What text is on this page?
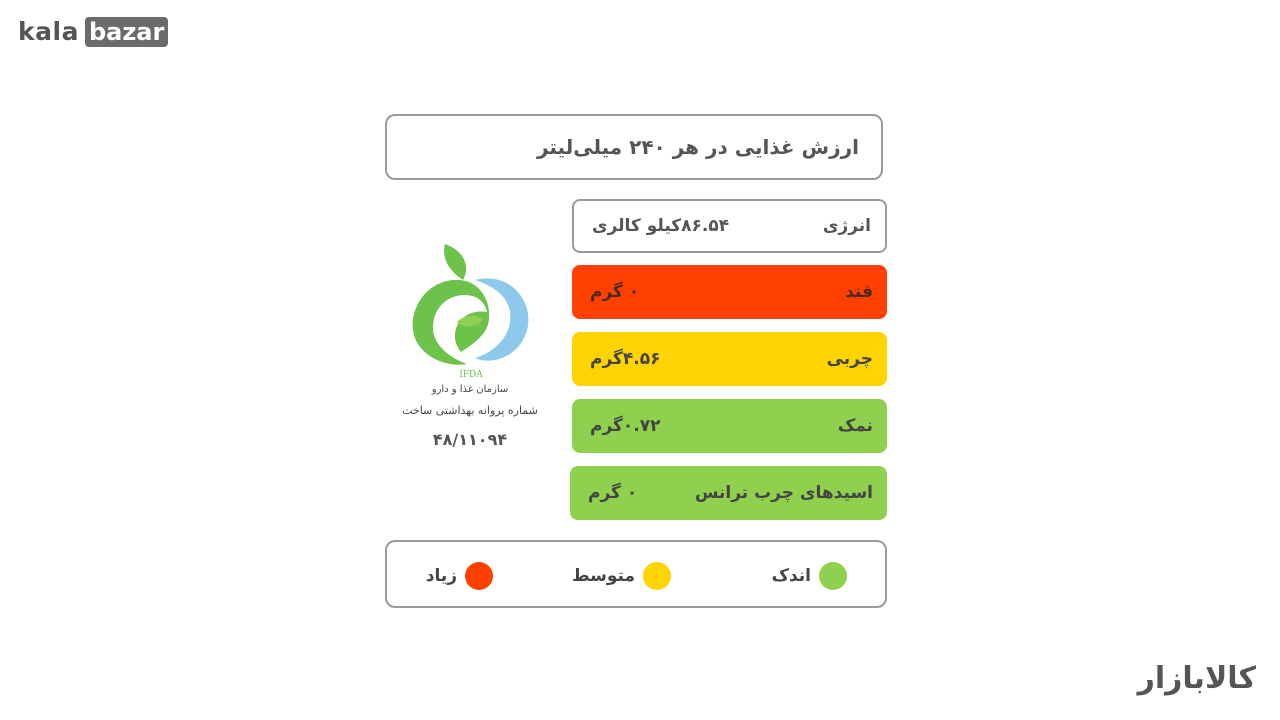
kala bazar
ارزش غذایی در هر ۲۴۰ میلی‌لیتر
انرژی
۸۶.۵۴کیلو کالری
قند
۰ گرم
چربی
۴.۵۶گرم
نمک
۰.۷۲گرم
اسیدهای چرب ترانس
۰ گرم
IFDA
سازمان غذا و دارو
شماره پروانه بهداشتی ساخت
۴۸/۱۱۰۹۴
اندک
متوسط
زیاد
کالابازار
